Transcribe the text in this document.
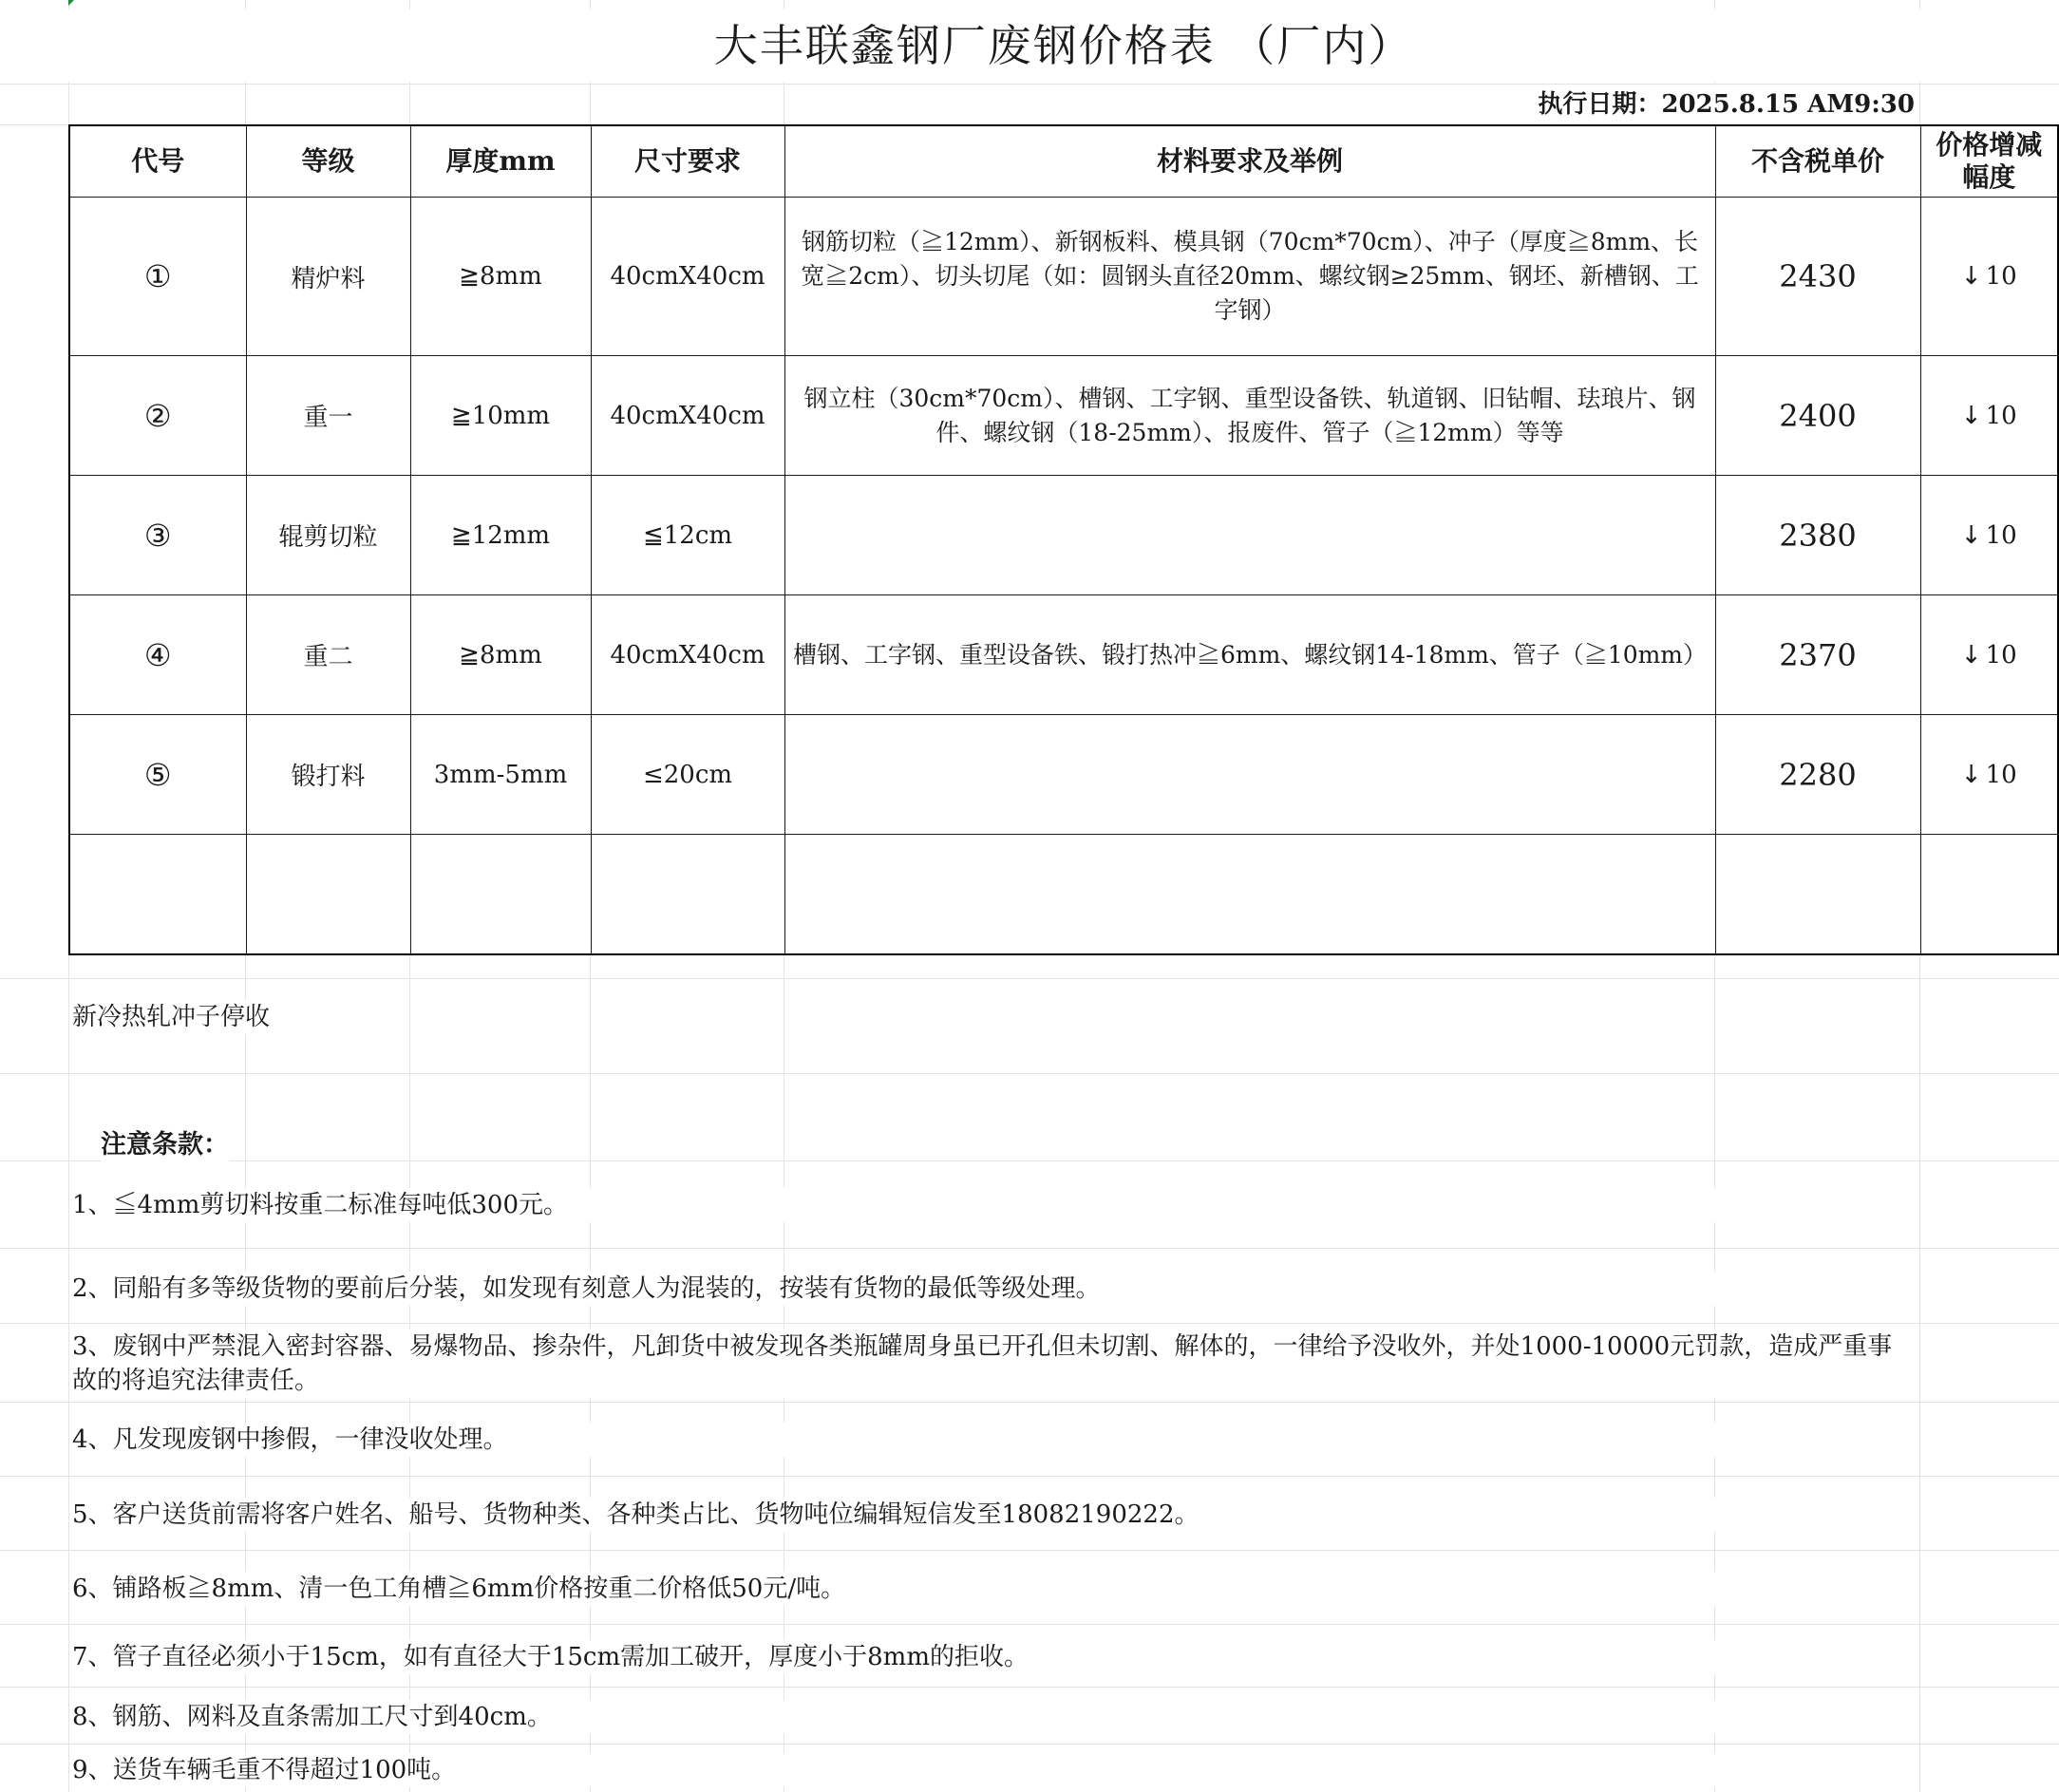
大丰联鑫钢厂废钢价格表 （厂内）
执行日期：2025.8.15 AM9:30
代号	等级	厚度mm	尺寸要求	材料要求及举例	不含税单价	价格增减幅度
①	精炉料	≧8mm	40cmX40cm	钢筋切粒（≧12mm）、新钢板料、模具钢（70cm*70cm）、冲子（厚度≧8mm、长宽≧2cm）、切头切尾（如：圆钢头直径20mm、螺纹钢≥25mm、钢坯、新槽钢、工字钢）	2430	↓ 10
②	重一	≧10mm	40cmX40cm	钢立柱（30cm*70cm）、槽钢、工字钢、重型设备铁、轨道钢、旧钻帽、珐琅片、钢件、螺纹钢（18-25mm）、报废件、管子（≧12mm）等等	2400	↓ 10
③	辊剪切粒	≧12mm	≦12cm		2380	↓ 10
④	重二	≧8mm	40cmX40cm	槽钢、工字钢、重型设备铁、锻打热冲≧6mm、螺纹钢14-18mm、管子（≧10mm）	2370	↓ 10
⑤	锻打料	3mm-5mm	≤20cm		2280	↓ 10

新冷热轧冲子停收
注意条款：
1、≦4mm剪切料按重二标准每吨低300元。
2、同船有多等级货物的要前后分装，如发现有刻意人为混装的，按装有货物的最低等级处理。
3、废钢中严禁混入密封容器、易爆物品、掺杂件，凡卸货中被发现各类瓶罐周身虽已开孔但未切割、解体的，一律给予没收外，并处1000-10000元罚款，造成严重事故的将追究法律责任。
4、凡发现废钢中掺假，一律没收处理。
5、客户送货前需将客户姓名、船号、货物种类、各种类占比、货物吨位编辑短信发至18082190222。
6、铺路板≧8mm、清一色工角槽≧6mm价格按重二价格低50元/吨。
7、管子直径必须小于15cm，如有直径大于15cm需加工破开，厚度小于8mm的拒收。
8、钢筋、网料及直条需加工尺寸到40cm。
9、送货车辆毛重不得超过100吨。
